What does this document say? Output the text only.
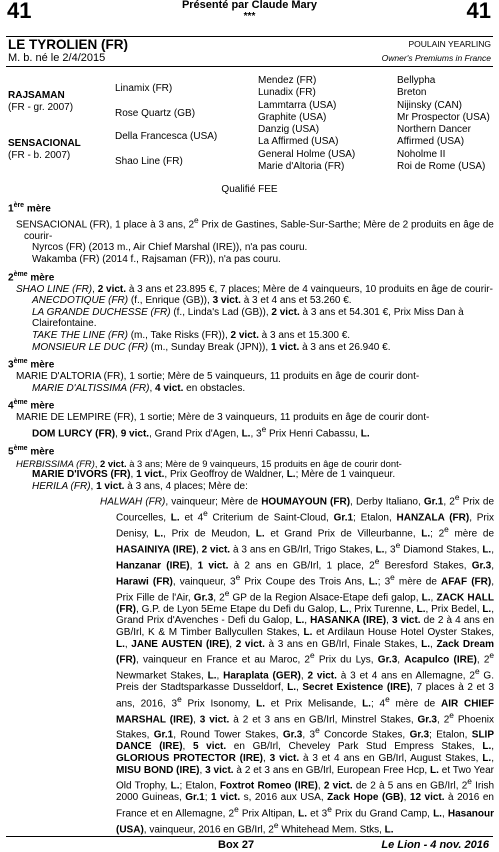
41	41
Présenté par Claude Mary
***
LE TYROLIEN (FR)
M. b. né le 2/4/2015
POULAIN YEARLING
Owner's Premiums in France
RAJSAMAN
(FR - gr. 2007)
SENSACIONAL
(FR - b. 2007)
Linamix (FR)
Rose Quartz (GB)
Della Francesca (USA)
Shao Line (FR)
Mendez (FR)
Lunadix (FR)
Lammtarra (USA)
Graphite (USA)
Danzig (USA)
La Affirmed (USA)
General Holme (USA)
Marie d'Altoria (FR)
Bellypha
Breton
Nijinsky (CAN)
Mr Prospector (USA)
Northern Dancer
Affirmed (USA)
Noholme II
Roi de Rome (USA)
Qualifié FEE

1ère mère

SENSACIONAL (FR), 1 place à 3 ans, 2e Prix de Gastines, Sable-Sur-Sarthe; Mère de 2 produits en âge de courir-

Nyrcos (FR) (2013 m., Air Chief Marshal (IRE)), n'a pas couru.

Wakamba (FR) (2014 f., Rajsaman (FR)), n'a pas couru.

2ème mère

SHAO LINE (FR), 2 vict. à 3 ans et 23.895 €, 7 places; Mère de 4 vainqueurs, 10 produits en âge de courir-

ANECDOTIQUE (FR) (f., Enrique (GB)), 3 vict. à 3 et 4 ans et 53.260 €.

LA GRANDE DUCHESSE (FR) (f., Linda's Lad (GB)), 2 vict. à 3 ans et 54.301 €, Prix Miss Dan à Clairefontaine.

TAKE THE LINE (FR) (m., Take Risks (FR)), 2 vict. à 3 ans et 15.300 €.

MONSIEUR LE DUC (FR) (m., Sunday Break (JPN)), 1 vict. à 3 ans et 26.940 €.

3ème mère

MARIE D'ALTORIA (FR), 1 sortie; Mère de 5 vainqueurs, 11 produits en âge de courir dont-

MARIE D'ALTISSIMA (FR), 4 vict. en obstacles.

4ème mère

MARIE DE LEMPIRE (FR), 1 sortie; Mère de 3 vainqueurs, 11 produits en âge de courir dont-

DOM LURCY (FR), 9 vict., Grand Prix d'Agen, L., 3e Prix Henri Cabassu, L.

5ème mère

HERBISSIMA (FR), 2 vict. à 3 ans; Mère de 9 vainqueurs, 15 produits en âge de courir dont-

MARIE D'IVORS (FR), 1 vict., Prix Geoffroy de Waldner, L.; Mère de 1 vainqueur.

HERILA (FR), 1 vict. à 3 ans, 4 places; Mère de:

HALWAH (FR), vainqueur; Mère de HOUMAYOUN (FR), Derby Italiano, Gr.1, 2e Prix de Courcelles, L. et 4e Criterium de Saint-Cloud, Gr.1; Etalon, HANZALA (FR), Prix Denisy, L., Prix de Meudon, L. et Grand Prix de Villeurbanne, L.; 2e mère de HASAINIYA (IRE), 2 vict. à 3 ans en GB/Irl, Trigo Stakes, L., 3e Diamond Stakes, L., Hanzanar (IRE), 1 vict. à 2 ans en GB/Irl, 1 place, 2e Beresford Stakes, Gr.3, Harawi (FR), vainqueur, 3e Prix Coupe des Trois Ans, L.; 3e mère de AFAF (FR), Prix Fille de l'Air, Gr.3, 2e GP de la Region Alsace-Etape defi galop, L., ZACK HALL (FR), G.P. de Lyon 5Eme Etape du Defi du Galop, L., Prix Turenne, L., Prix Bedel, L., Grand Prix d'Avenches - Defi du Galop, L., HASANKA (IRE), 3 vict. de 2 à 4 ans en GB/Irl, K & M Timber Ballycullen Stakes, L. et Ardilaun House Hotel Oyster Stakes, L., JANE AUSTEN (IRE), 2 vict. à 3 ans en GB/Irl, Finale Stakes, L., Zack Dream (FR), vainqueur en France et au Maroc, 2e Prix du Lys, Gr.3, Acapulco (IRE), 2e Newmarket Stakes, L., Haraplata (GER), 2 vict. à 3 et 4 ans en Allemagne, 2e G. Preis der Stadtsparkasse Dusseldorf, L., Secret Existence (IRE), 7 places à 2 et 3 ans, 2016, 3e Prix Isonomy, L. et Prix Melisande, L.; 4e mère de AIR CHIEF MARSHAL (IRE), 3 vict. à 2 et 3 ans en GB/Irl, Minstrel Stakes, Gr.3, 2e Phoenix Stakes, Gr.1, Round Tower Stakes, Gr.3, 3e Concorde Stakes, Gr.3; Etalon, SLIP DANCE (IRE), 5 vict. en GB/Irl, Cheveley Park Stud Empress Stakes, L., GLORIOUS PROTECTOR (IRE), 3 vict. à 3 et 4 ans en GB/Irl, August Stakes, L., MISU BOND (IRE), 3 vict. à 2 et 3 ans en GB/Irl, European Free Hcp, L. et Two Year Old Trophy, L.; Etalon, Foxtrot Romeo (IRE), 2 vict. de 2 à 5 ans en GB/Irl, 2e Irish 2000 Guineas, Gr.1; 1 vict. s, 2016 aux USA, Zack Hope (GB), 12 vict. à 2016 en France et en Allemagne, 2e Prix Altipan, L. et 3e Prix du Grand Camp, L., Hasanour (USA), vainqueur, 2016 en GB/Irl, 2e Whitehead Mem. Stks, L.

Box 27	Le Lion - 4 nov. 2016
